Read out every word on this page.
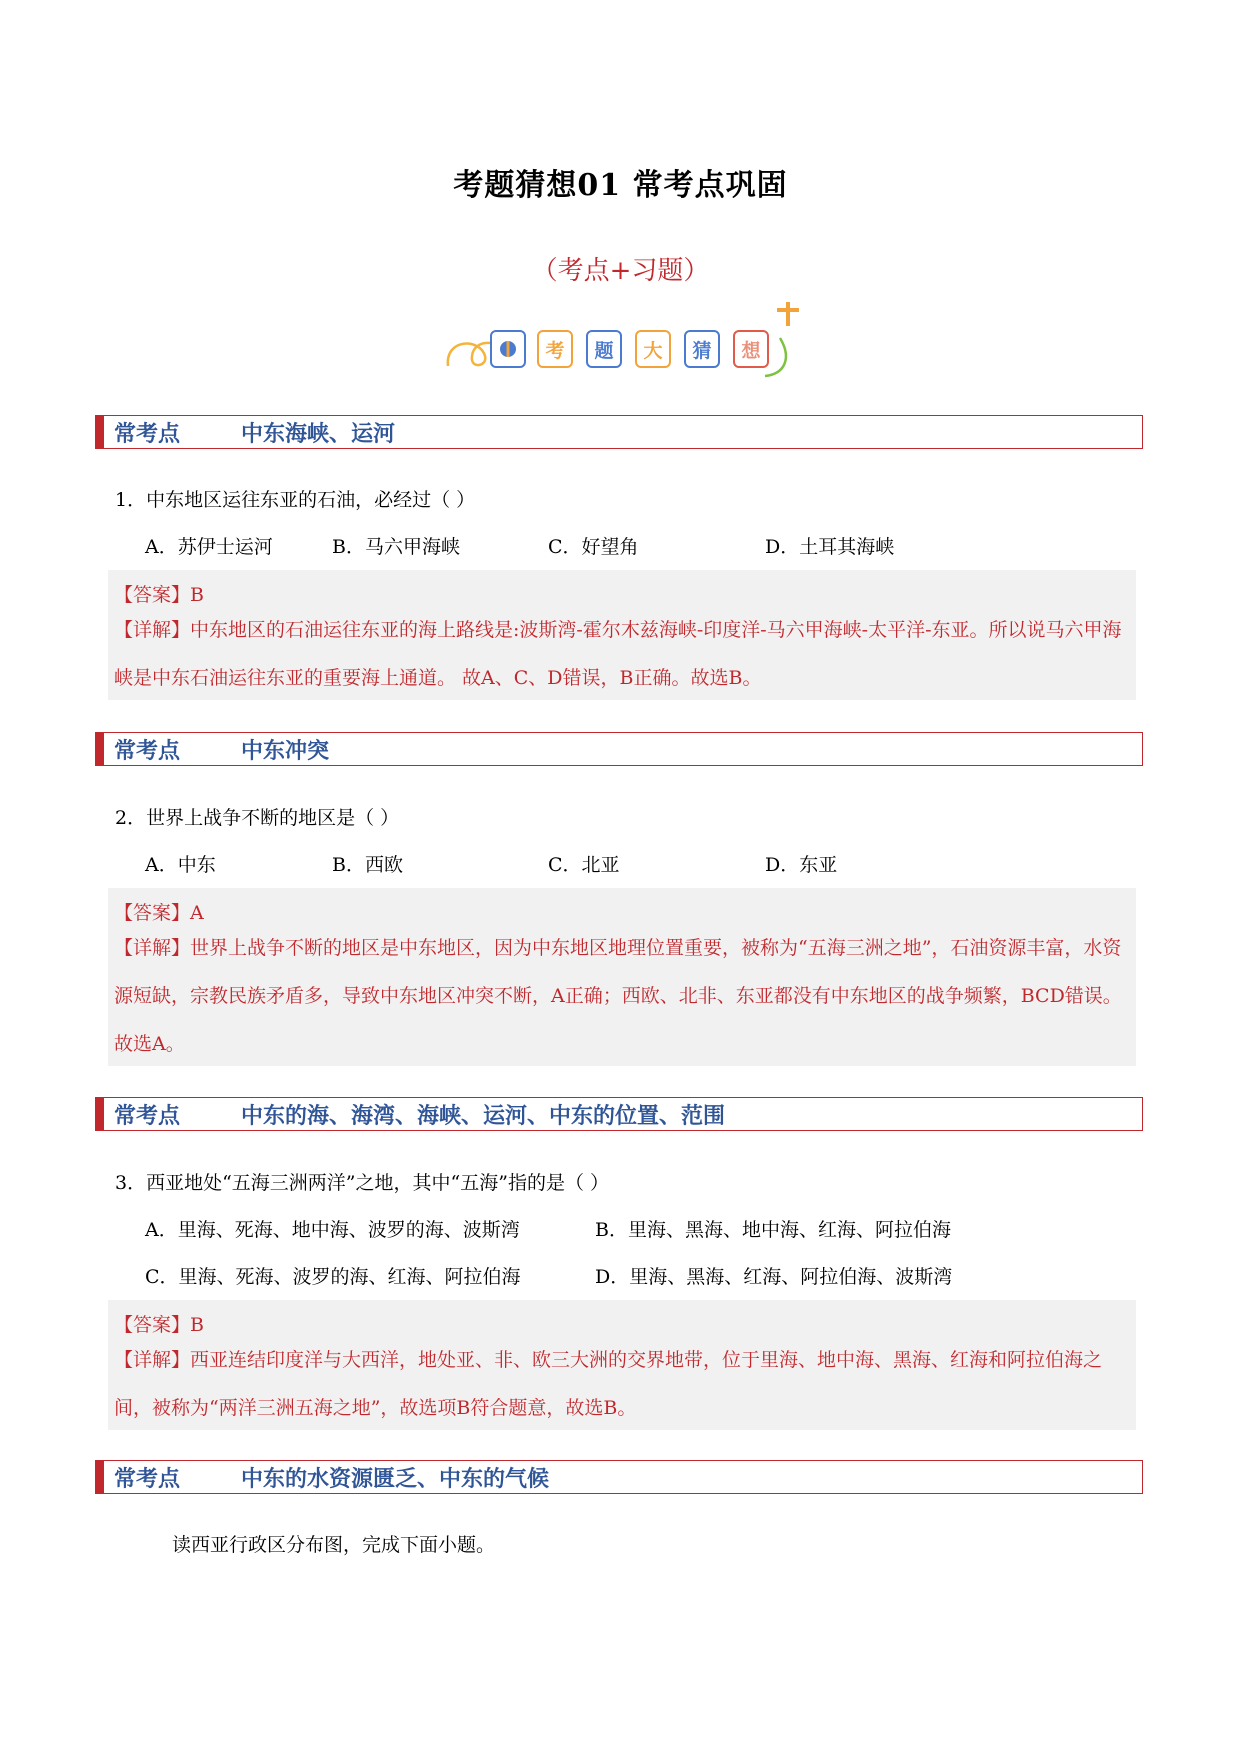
考题猜想01 常考点巩固
（考点+习题）
考	题	大	猜	想
常考点	中东海峡、运河
1．中东地区运往东亚的石油，必经过（ ）
A．苏伊士运河	B．马六甲海峡	C．好望角	D．土耳其海峡
【答案】B
【详解】中东地区的石油运往东亚的海上路线是:波斯湾-霍尔木兹海峡-印度洋-马六甲海峡-太平洋-东亚。所以说马六甲海峡是中东石油运往东亚的重要海上通道。 故A、C、D错误，B正确。故选B。
常考点	中东冲突
2．世界上战争不断的地区是（ ）
A．中东	B．西欧	C．北亚	D．东亚
【答案】A
【详解】世界上战争不断的地区是中东地区，因为中东地区地理位置重要，被称为“五海三洲之地”，石油资源丰富，水资源短缺，宗教民族矛盾多，导致中东地区冲突不断，A正确；西欧、北非、东亚都没有中东地区的战争频繁，BCD错误。故选A。
常考点	中东的海、海湾、海峡、运河、中东的位置、范围
3．西亚地处“五海三洲两洋”之地，其中“五海”指的是（ ）
A．里海、死海、地中海、波罗的海、波斯湾	B．里海、黑海、地中海、红海、阿拉伯海
C．里海、死海、波罗的海、红海、阿拉伯海	D．里海、黑海、红海、阿拉伯海、波斯湾
【答案】B
【详解】西亚连结印度洋与大西洋，地处亚、非、欧三大洲的交界地带，位于里海、地中海、黑海、红海和阿拉伯海之间，被称为“两洋三洲五海之地”，故选项B符合题意，故选B。
常考点	中东的水资源匮乏、中东的气候
读西亚行政区分布图，完成下面小题。
